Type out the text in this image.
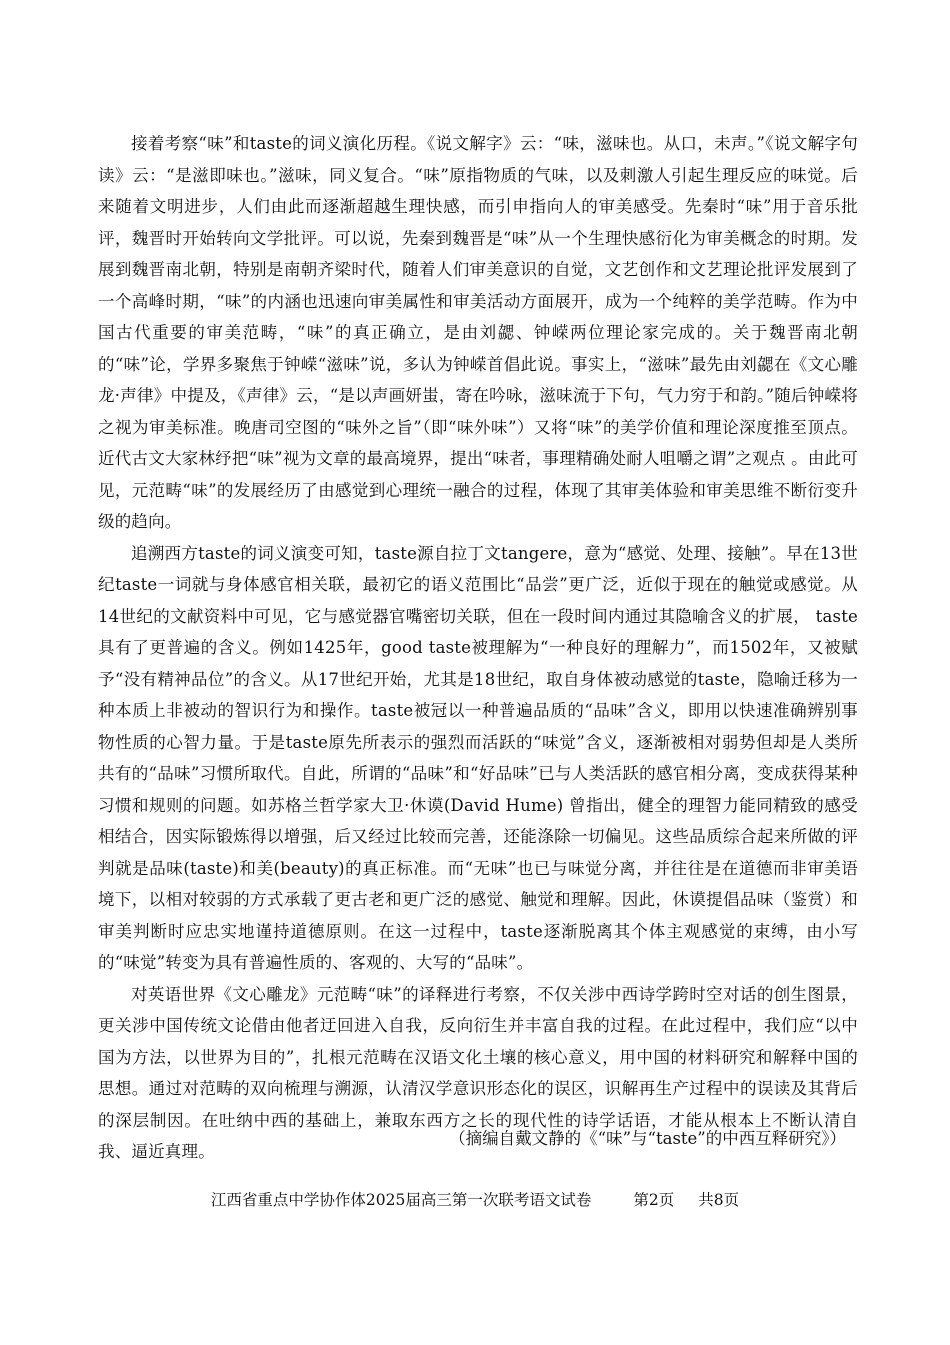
接着考察“味”和taste的词义演化历程。《说文解字》云：“味，滋味也。从口，未声。”《说文解字句读》云：“是滋即味也。”滋味，同义复合。“味”原指物质的气味，以及刺激人引起生理反应的味觉。后来随着文明进步，人们由此而逐渐超越生理快感，而引申指向人的审美感受。先秦时“味”用于音乐批评，魏晋时开始转向文学批评。可以说，先秦到魏晋是“味”从一个生理快感衍化为审美概念的时期。发展到魏晋南北朝，特别是南朝齐梁时代，随着人们审美意识的自觉，文艺创作和文艺理论批评发展到了一个高峰时期，“味”的内涵也迅速向审美属性和审美活动方面展开，成为一个纯粹的美学范畴。作为中国古代重要的审美范畴，“味”的真正确立，是由刘勰、钟嵘两位理论家完成的。关于魏晋南北朝的“味”论，学界多聚焦于钟嵘“滋味”说，多认为钟嵘首倡此说。事实上，“滋味”最先由刘勰在《文心雕龙·声律》中提及，《声律》云，“是以声画妍蚩，寄在吟咏，滋味流于下句，气力穷于和韵。”随后钟嵘将之视为审美标准。晚唐司空图的“味外之旨”（即“味外味”）又将“味”的美学价值和理论深度推至顶点。近代古文大家林纾把“味”视为文章的最高境界，提出“味者，事理精确处耐人咀嚼之谓”之观点 。由此可见，元范畴“味”的发展经历了由感觉到心理统一融合的过程，体现了其审美体验和审美思维不断衍变升级的趋向。

追溯西方taste的词义演变可知，taste源自拉丁文tangere，意为“感觉、处理、接触”。早在13世纪taste一词就与身体感官相关联，最初它的语义范围比“品尝”更广泛，近似于现在的触觉或感觉。从14世纪的文献资料中可见，它与感觉器官嘴密切关联，但在一段时间内通过其隐喻含义的扩展， taste具有了更普遍的含义。例如1425年，good taste被理解为“一种良好的理解力”，而1502年，又被赋予“没有精神品位”的含义。从17世纪开始，尤其是18世纪，取自身体被动感觉的taste，隐喻迁移为一种本质上非被动的智识行为和操作。taste被冠以一种普遍品质的“品味”含义，即用以快速准确辨别事物性质的心智力量。于是taste原先所表示的强烈而活跃的“味觉”含义，逐渐被相对弱势但却是人类所共有的“品味”习惯所取代。自此，所谓的“品味”和“好品味”已与人类活跃的感官相分离，变成获得某种习惯和规则的问题。如苏格兰哲学家大卫·休谟(David Hume) 曾指出，健全的理智力能同精致的感受相结合，因实际锻炼得以增强，后又经过比较而完善，还能涤除一切偏见。这些品质综合起来所做的评判就是品味(taste)和美(beauty)的真正标准。而“无味”也已与味觉分离，并往往是在道德而非审美语境下，以相对较弱的方式承载了更古老和更广泛的感觉、触觉和理解。因此，休谟提倡品味（鉴赏）和审美判断时应忠实地谨持道德原则。在这一过程中，taste逐渐脱离其个体主观感觉的束缚，由小写的“味觉”转变为具有普遍性质的、客观的、大写的“品味”。

对英语世界《文心雕龙》元范畴“味”的译释进行考察，不仅关涉中西诗学跨时空对话的创生图景，更关涉中国传统文论借由他者迂回进入自我，反向衍生并丰富自我的过程。在此过程中，我们应“以中国为方法，以世界为目的”，扎根元范畴在汉语文化土壤的核心意义，用中国的材料研究和解释中国的思想。通过对范畴的双向梳理与溯源，认清汉学意识形态化的误区，识解再生产过程中的误读及其背后的深层制因。在吐纳中西的基础上，兼取东西方之长的现代性的诗学话语，才能从根本上不断认清自我、逼近真理。

（摘编自戴文静的《“味”与“taste”的中西互释研究》）
江西省重点中学协作体2025届高三第一次联考语文试卷	第2页 共8页
